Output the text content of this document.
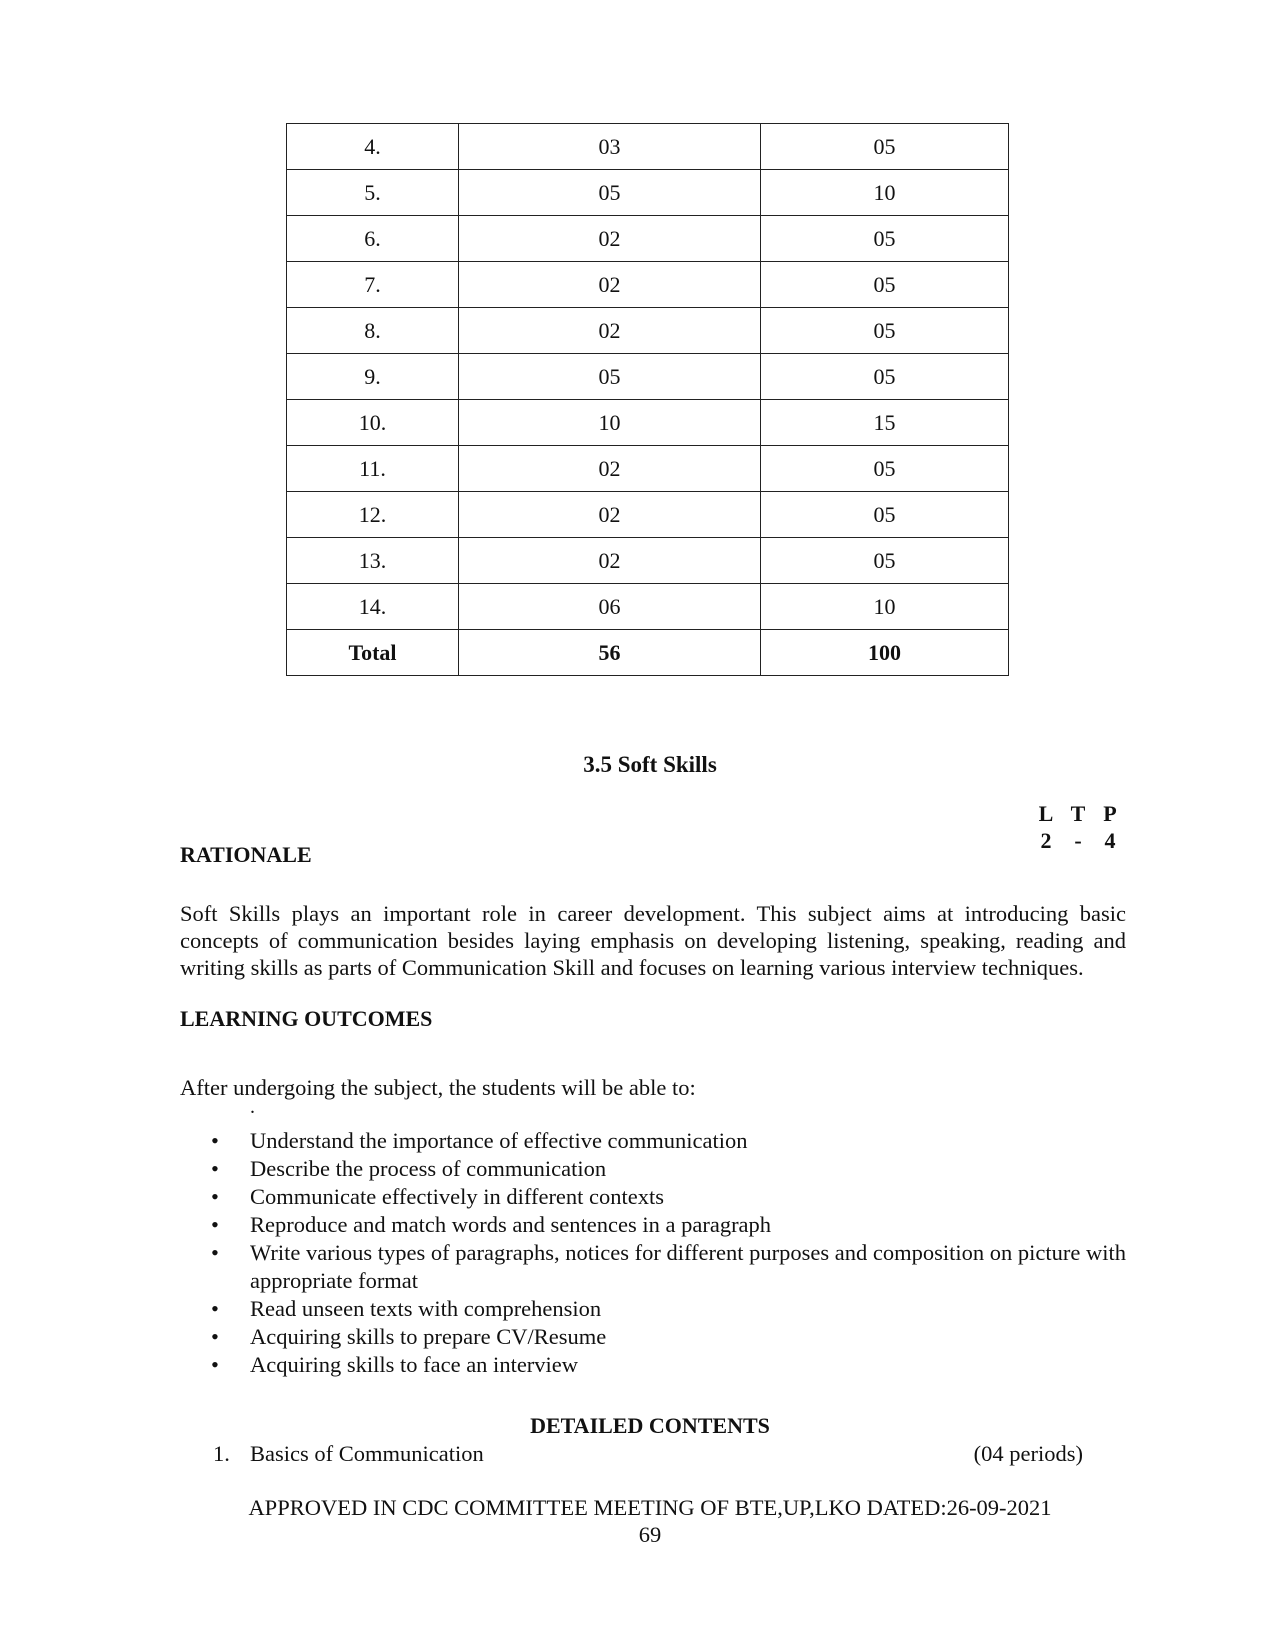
4.	03	05
5.	05	10
6.	02	05
7.	02	05
8.	02	05
9.	05	05
10.	10	15
11.	02	05
12.	02	05
13.	02	05
14.	06	10
Total	56	100
3.5 Soft Skills
L	T	P
2	-	4
RATIONALE
Soft Skills plays an important role in career development. This subject aims at introducing basic concepts of communication besides laying emphasis on developing listening, speaking, reading and writing skills as parts of Communication Skill and focuses on learning various interview techniques.
LEARNING OUTCOMES
After undergoing the subject, the students will be able to:
.
• Understand the importance of effective communication
• Describe the process of communication
• Communicate effectively in different contexts
• Reproduce and match words and sentences in a paragraph
• Write various types of paragraphs, notices for different purposes and composition on picture with appropriate format
• Read unseen texts with comprehension
• Acquiring skills to prepare CV/Resume
• Acquiring skills to face an interview
DETAILED CONTENTS
1. Basics of Communication	(04 periods)
APPROVED IN CDC COMMITTEE MEETING OF BTE,UP,LKO DATED:26-09-2021
69
